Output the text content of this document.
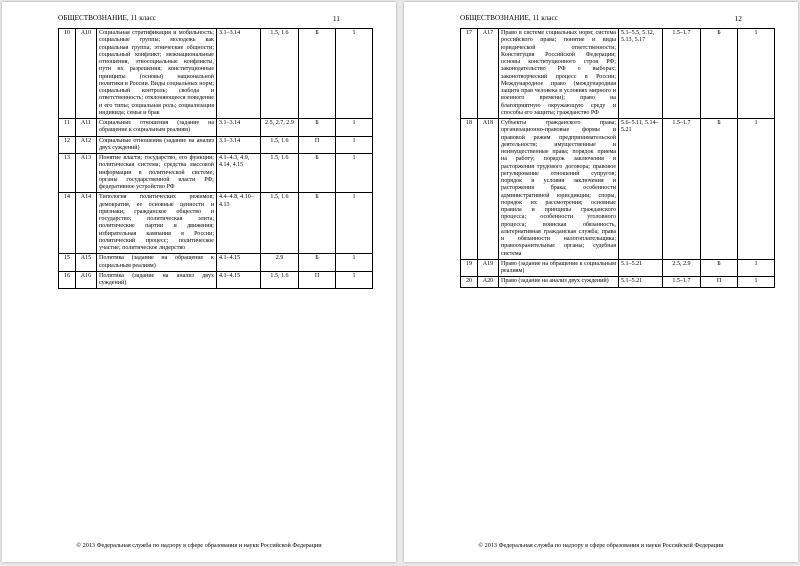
ОБЩЕСТВОЗНАНИЕ, 11 класс	11
10	А10	Социальная стратификация и мобильность; социальные группы; молодежь как социальная группа; этнические общности; социальный конфликт; межнациональные отношения, этносоциальные конфликты, пути их разрешения; конституционные принципы (основы) национальной политики в России. Виды социальных норм; социальный контроль; свобода и ответственность; отклоняющееся поведение и его типы; социальная роль; социализация индивида; семья и брак	3.1–3.14	1.5, 1.6	Б	1
11	А11	Социальные отношения (задание на обращение к социальным реалиям)	3.1–3.14	2.5, 2.7, 2.9	Б	1
12	А12	Социальные отношения (задание на анализ двух суждений)	3.1–3.14	1.5, 1.6	П	1
13	А13	Понятие власти; государство, его функции; политическая система; средства массовой информации в политической системе; органы государственной власти РФ; федеративное устройство РФ	4.1–4.3, 4.9, 4.14, 4.15	1.5, 1.6	Б	1
14	А14	Типология политических режимов; демократия, ее основные ценности и признаки; гражданское общество и государство; политическая элита; политические партии и движения; избирательная кампания в России; политический процесс; политическое участие; политическое лидерство	4.4–4.8, 4.10–4.13	1.5, 1.6	Б	1
15	А15	Политика (задание на обращение к социальным реалиям)	4.1–4.15	2.9	Б	1
16	А16	Политика (задание на анализ двух суждений)	4.1–4.15	1.5, 1.6	П	1
© 2013 Федеральная служба по надзору в сфере образования и науки Российской Федерации
ОБЩЕСТВОЗНАНИЕ, 11 класс	12
17	А17	Право в системе социальных норм; система российского права; понятие и виды юридической ответственности; Конституция Российской Федерации; основы конституционного строя РФ; законодательство РФ о выборах; законотворческий процесс в России; Международное право (международная защита прав человека в условиях мирного и военного времени); право на благоприятную окружающую среду и способы его защиты; гражданство РФ	5.1–5.5, 5.12, 5.13, 5.17	1.5–1.7	Б	1
18	А18	Субъекты гражданского права; организационно-правовые формы и правовой режим предпринимательской деятельности; имущественные и неимущественные права; порядок приема на работу; порядок заключения и расторжения трудового договора; правовое регулирование отношений супругов; порядок и условия заключения и расторжения брака; особенности административной юрисдикции; споры, порядок их рассмотрения; основные правила и принципы гражданского процесса; особенности уголовного процесса; воинская обязанность, альтернативная гражданская служба; права и обязанности налогоплательщика; правоохранительные органы; судебная система	5.6–5.11, 5.14–5.21	1.5–1.7	Б	1
19	А19	Право (задание на обращение к социальным реалиям)	5.1–5.21	2.5, 2.9	Б	1
20	А20	Право (задание на анализ двух суждений)	5.1–5.21	1.5–1.7	П	1
© 2013 Федеральная служба по надзору в сфере образования и науки Российской Федерации
